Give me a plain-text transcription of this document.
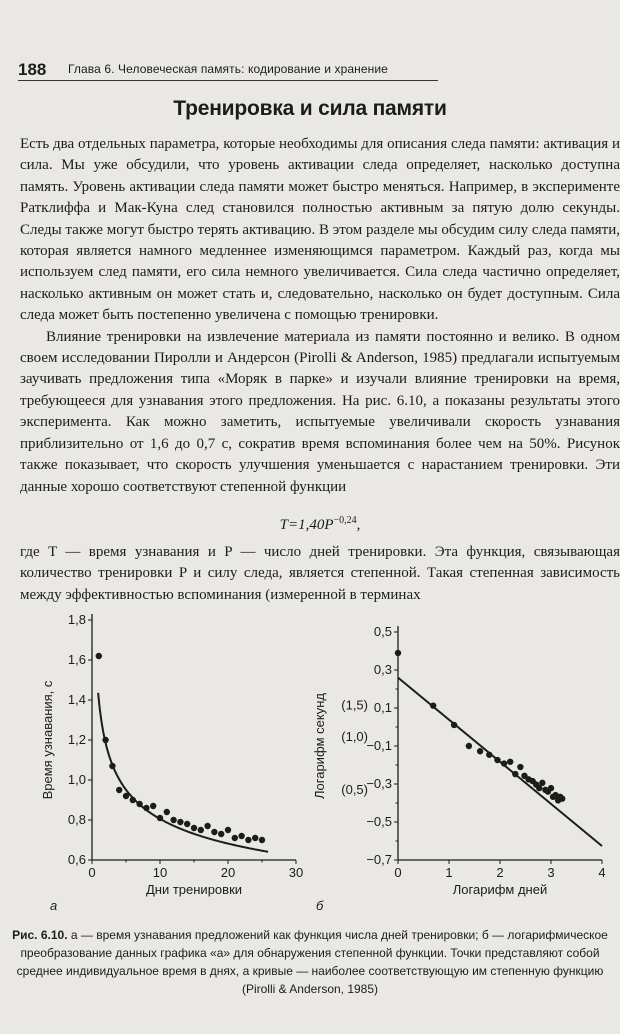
188 Глава 6. Человеческая память: кодирование и хранение
Тренировка и сила памяти

Есть два отдельных параметра, которые необходимы для описания следа памяти: активация и сила. Мы уже обсудили, что уровень активации следа определяет, насколько доступна память. Уровень активации следа памяти может быстро меняться. Например, в эксперименте Ратклиффа и Мак-Куна след становился полностью активным за пятую долю секунды. Следы также могут быстро терять активацию. В этом разделе мы обсудим силу следа памяти, которая является намного медленнее изменяющимся параметром. Каждый раз, когда мы используем след памяти, его сила немного увеличивается. Сила следа частично определяет, насколько активным он может стать и, следовательно, насколько он будет доступным. Сила следа может быть постепенно увеличена с помощью тренировки.

Влияние тренировки на извлечение материала из памяти постоянно и велико. В одном своем исследовании Пиролли и Андерсон (Pirolli & Anderson, 1985) предлагали испытуемым заучивать предложения типа «Моряк в парке» и изучали влияние тренировки на время, требующееся для узнавания этого предложения. На рис. 6.10, а показаны результаты этого эксперимента. Как можно заметить, испытуемые увеличивали скорость узнавания приблизительно от 1,6 до 0,7 с, сократив время вспоминания более чем на 50%. Рисунок также показывает, что скорость улучшения уменьшается с нарастанием тренировки. Эти данные хорошо соответствуют степенной функции

$T=1,40P^{-0,24}$,

где T — время узнавания и P — число дней тренировки. Эта функция, связывающая количество тренировки P и силу следа, является степенной. Такая степенная зависимость между эффективностью вспоминания (измеренной в терминах

0	10	20	30
0,6
0,8
1,0
1,2
1,4
1,6
1,8
Дни тренировки
Время узнавания, с
а
0	1	2	3	4
−0,7
−0,5
−0,3
−0,1
0,1
0,3
0,5
Логарифм дней
Логарифм секунд (0,5)
(1,0)
(1,5)
б
Рис. 6.10. а — время узнавания предложений как функция числа дней тренировки; б — логарифмическое преобразование данных графика «а» для обнаружения степенной функции. Точки представляют собой среднее индивидуальное время в днях, а кривые — наиболее соответствующую им степенную функцию (Pirolli & Anderson, 1985)
